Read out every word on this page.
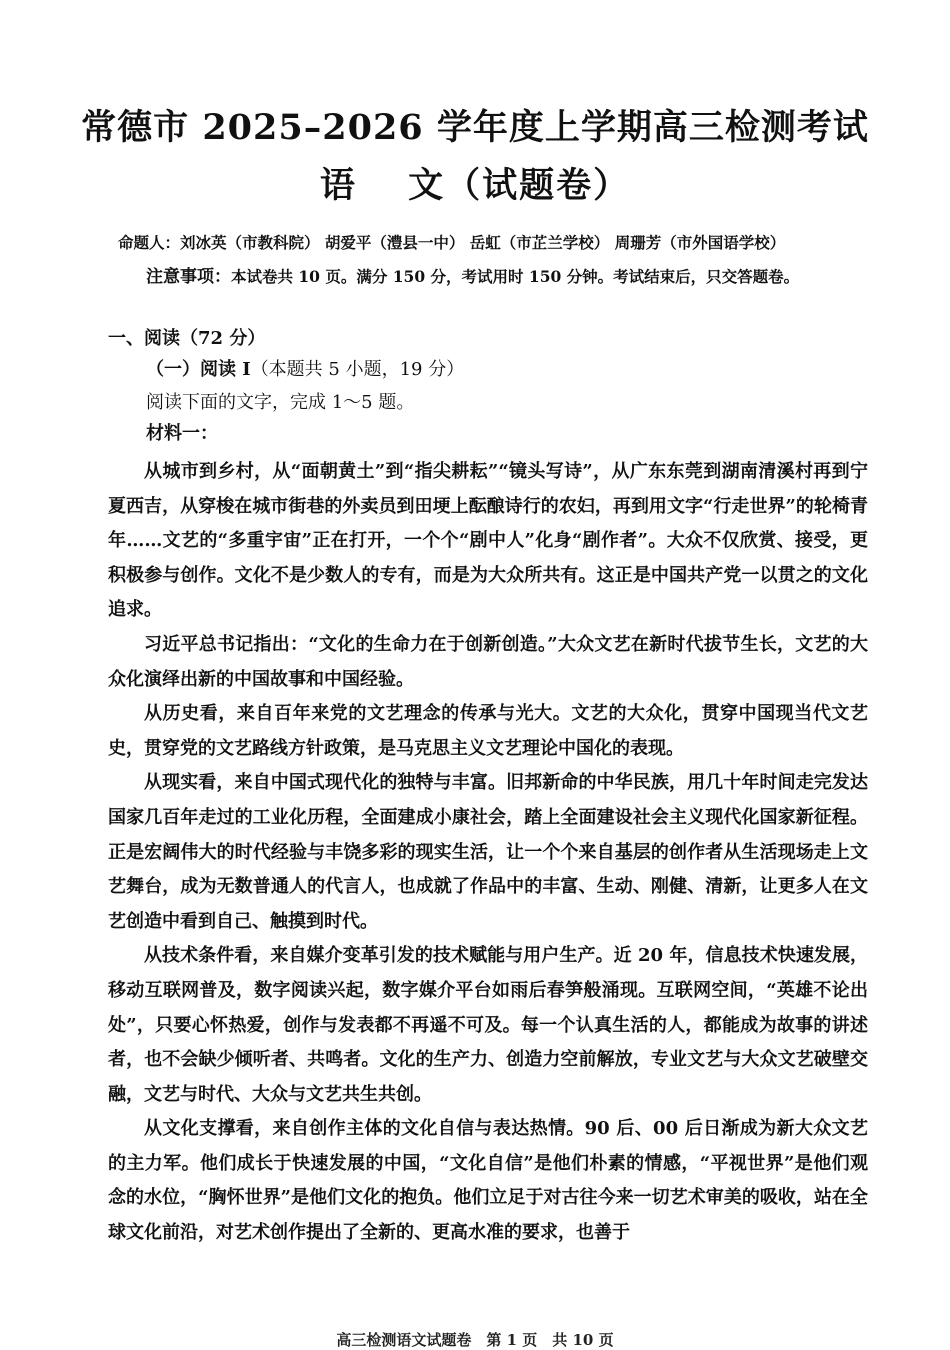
常德市 2025–2026 学年度上学期高三检测考试
语　 文（试题卷）
命题人：刘冰英（市教科院） 胡爱平（澧县一中） 岳虹（市芷兰学校） 周珊芳（市外国语学校）
注意事项：本试卷共 10 页。满分 150 分，考试用时 150 分钟。考试结束后，只交答题卷。
一、阅读（72 分）
（一）阅读 I（本题共 5 小题，19 分）
阅读下面的文字，完成 1～5 题。
材料一：

从城市到乡村，从“面朝黄土”到“指尖耕耘”“镜头写诗”，从广东东莞到湖南清溪村再到宁夏西吉，从穿梭在城市街巷的外卖员到田埂上酝酿诗行的农妇，再到用文字“行走世界”的轮椅青年……文艺的“多重宇宙”正在打开，一个个“剧中人”化身“剧作者”。大众不仅欣赏、接受，更积极参与创作。文化不是少数人的专有，而是为大众所共有。这正是中国共产党一以贯之的文化追求。

习近平总书记指出：“文化的生命力在于创新创造。”大众文艺在新时代拔节生长，文艺的大众化演绎出新的中国故事和中国经验。

从历史看，来自百年来党的文艺理念的传承与光大。文艺的大众化，贯穿中国现当代文艺史，贯穿党的文艺路线方针政策，是马克思主义文艺理论中国化的表现。

从现实看，来自中国式现代化的独特与丰富。旧邦新命的中华民族，用几十年时间走完发达国家几百年走过的工业化历程，全面建成小康社会，踏上全面建设社会主义现代化国家新征程。正是宏阔伟大的时代经验与丰饶多彩的现实生活，让一个个来自基层的创作者从生活现场走上文艺舞台，成为无数普通人的代言人，也成就了作品中的丰富、生动、刚健、清新，让更多人在文艺创造中看到自己、触摸到时代。

从技术条件看，来自媒介变革引发的技术赋能与用户生产。近 20 年，信息技术快速发展，移动互联网普及，数字阅读兴起，数字媒介平台如雨后春笋般涌现。互联网空间，“英雄不论出处”，只要心怀热爱，创作与发表都不再遥不可及。每一个认真生活的人，都能成为故事的讲述者，也不会缺少倾听者、共鸣者。文化的生产力、创造力空前解放，专业文艺与大众文艺破壁交融，文艺与时代、大众与文艺共生共创。

从文化支撑看，来自创作主体的文化自信与表达热情。90 后、00 后日渐成为新大众文艺的主力军。他们成长于快速发展的中国，“文化自信”是他们朴素的情感，“平视世界”是他们观念的水位，“胸怀世界”是他们文化的抱负。他们立足于对古往今来一切艺术审美的吸收，站在全球文化前沿，对艺术创作提出了全新的、更高水准的要求，也善于

高三检测语文试题卷　第 1 页　共 10 页
